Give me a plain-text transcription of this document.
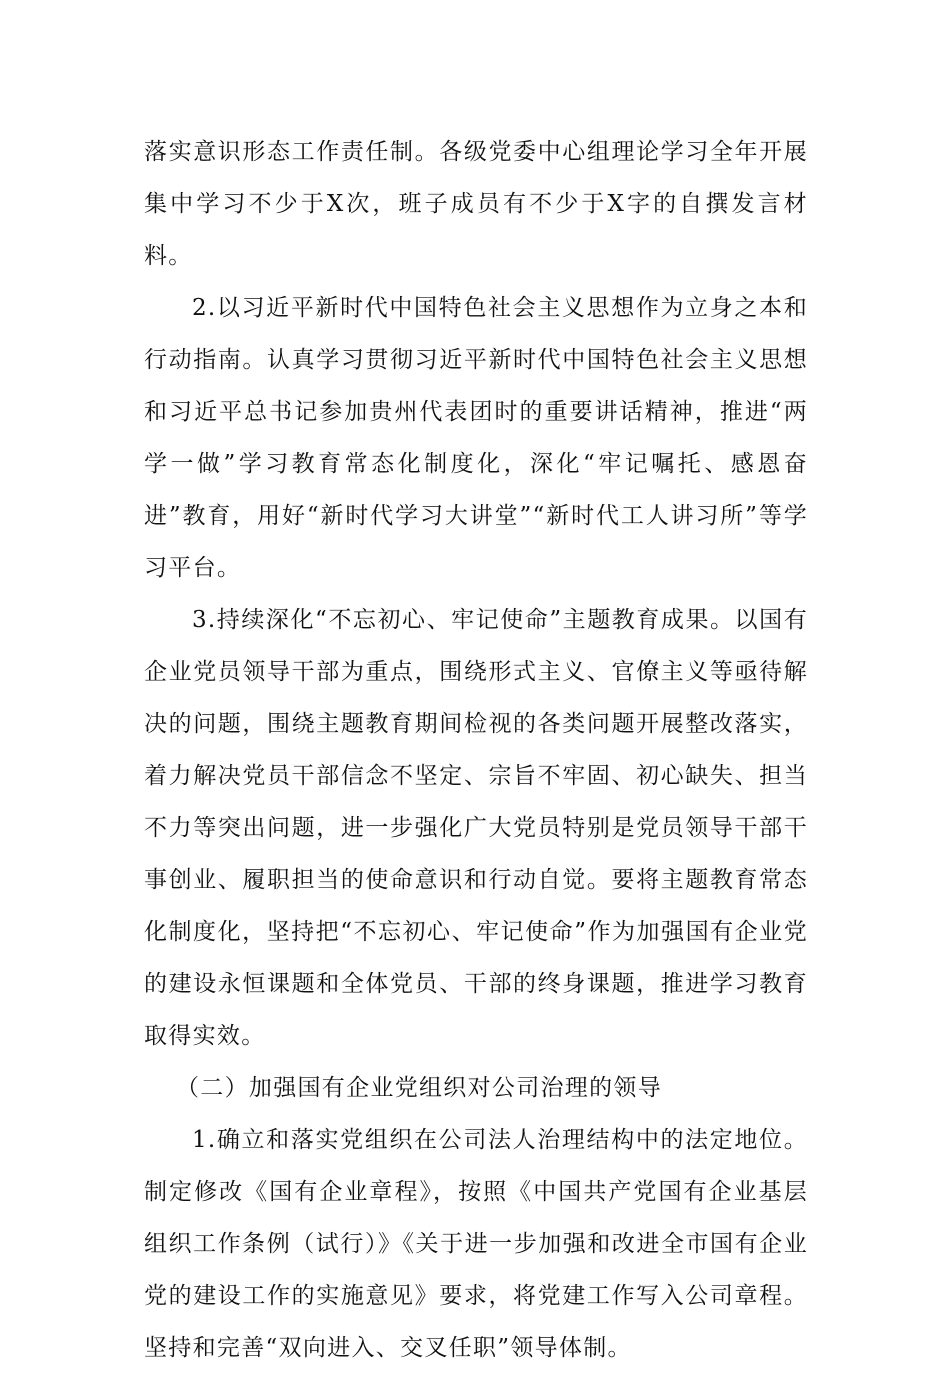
落实意识形态工作责任制。各级党委中心组理论学习全年开展集中学习不少于X次，班子成员有不少于X字的自撰发言材料。

2.以习近平新时代中国特色社会主义思想作为立身之本和行动指南。认真学习贯彻习近平新时代中国特色社会主义思想和习近平总书记参加贵州代表团时的重要讲话精神，推进“两学一做”学习教育常态化制度化，深化“牢记嘱托、感恩奋进”教育，用好“新时代学习大讲堂”“新时代工人讲习所”等学习平台。

3.持续深化“不忘初心、牢记使命”主题教育成果。以国有企业党员领导干部为重点，围绕形式主义、官僚主义等亟待解决的问题，围绕主题教育期间检视的各类问题开展整改落实，着力解决党员干部信念不坚定、宗旨不牢固、初心缺失、担当不力等突出问题，进一步强化广大党员特别是党员领导干部干事创业、履职担当的使命意识和行动自觉。要将主题教育常态化制度化，坚持把“不忘初心、牢记使命”作为加强国有企业党的建设永恒课题和全体党员、干部的终身课题，推进学习教育取得实效。

（二）加强国有企业党组织对公司治理的领导

1.确立和落实党组织在公司法人治理结构中的法定地位。制定修改《国有企业章程》，按照《中国共产党国有企业基层组织工作条例（试行）》《关于进一步加强和改进全市国有企业党的建设工作的实施意见》要求，将党建工作写入公司章程。坚持和完善“双向进入、交叉任职”领导体制。
